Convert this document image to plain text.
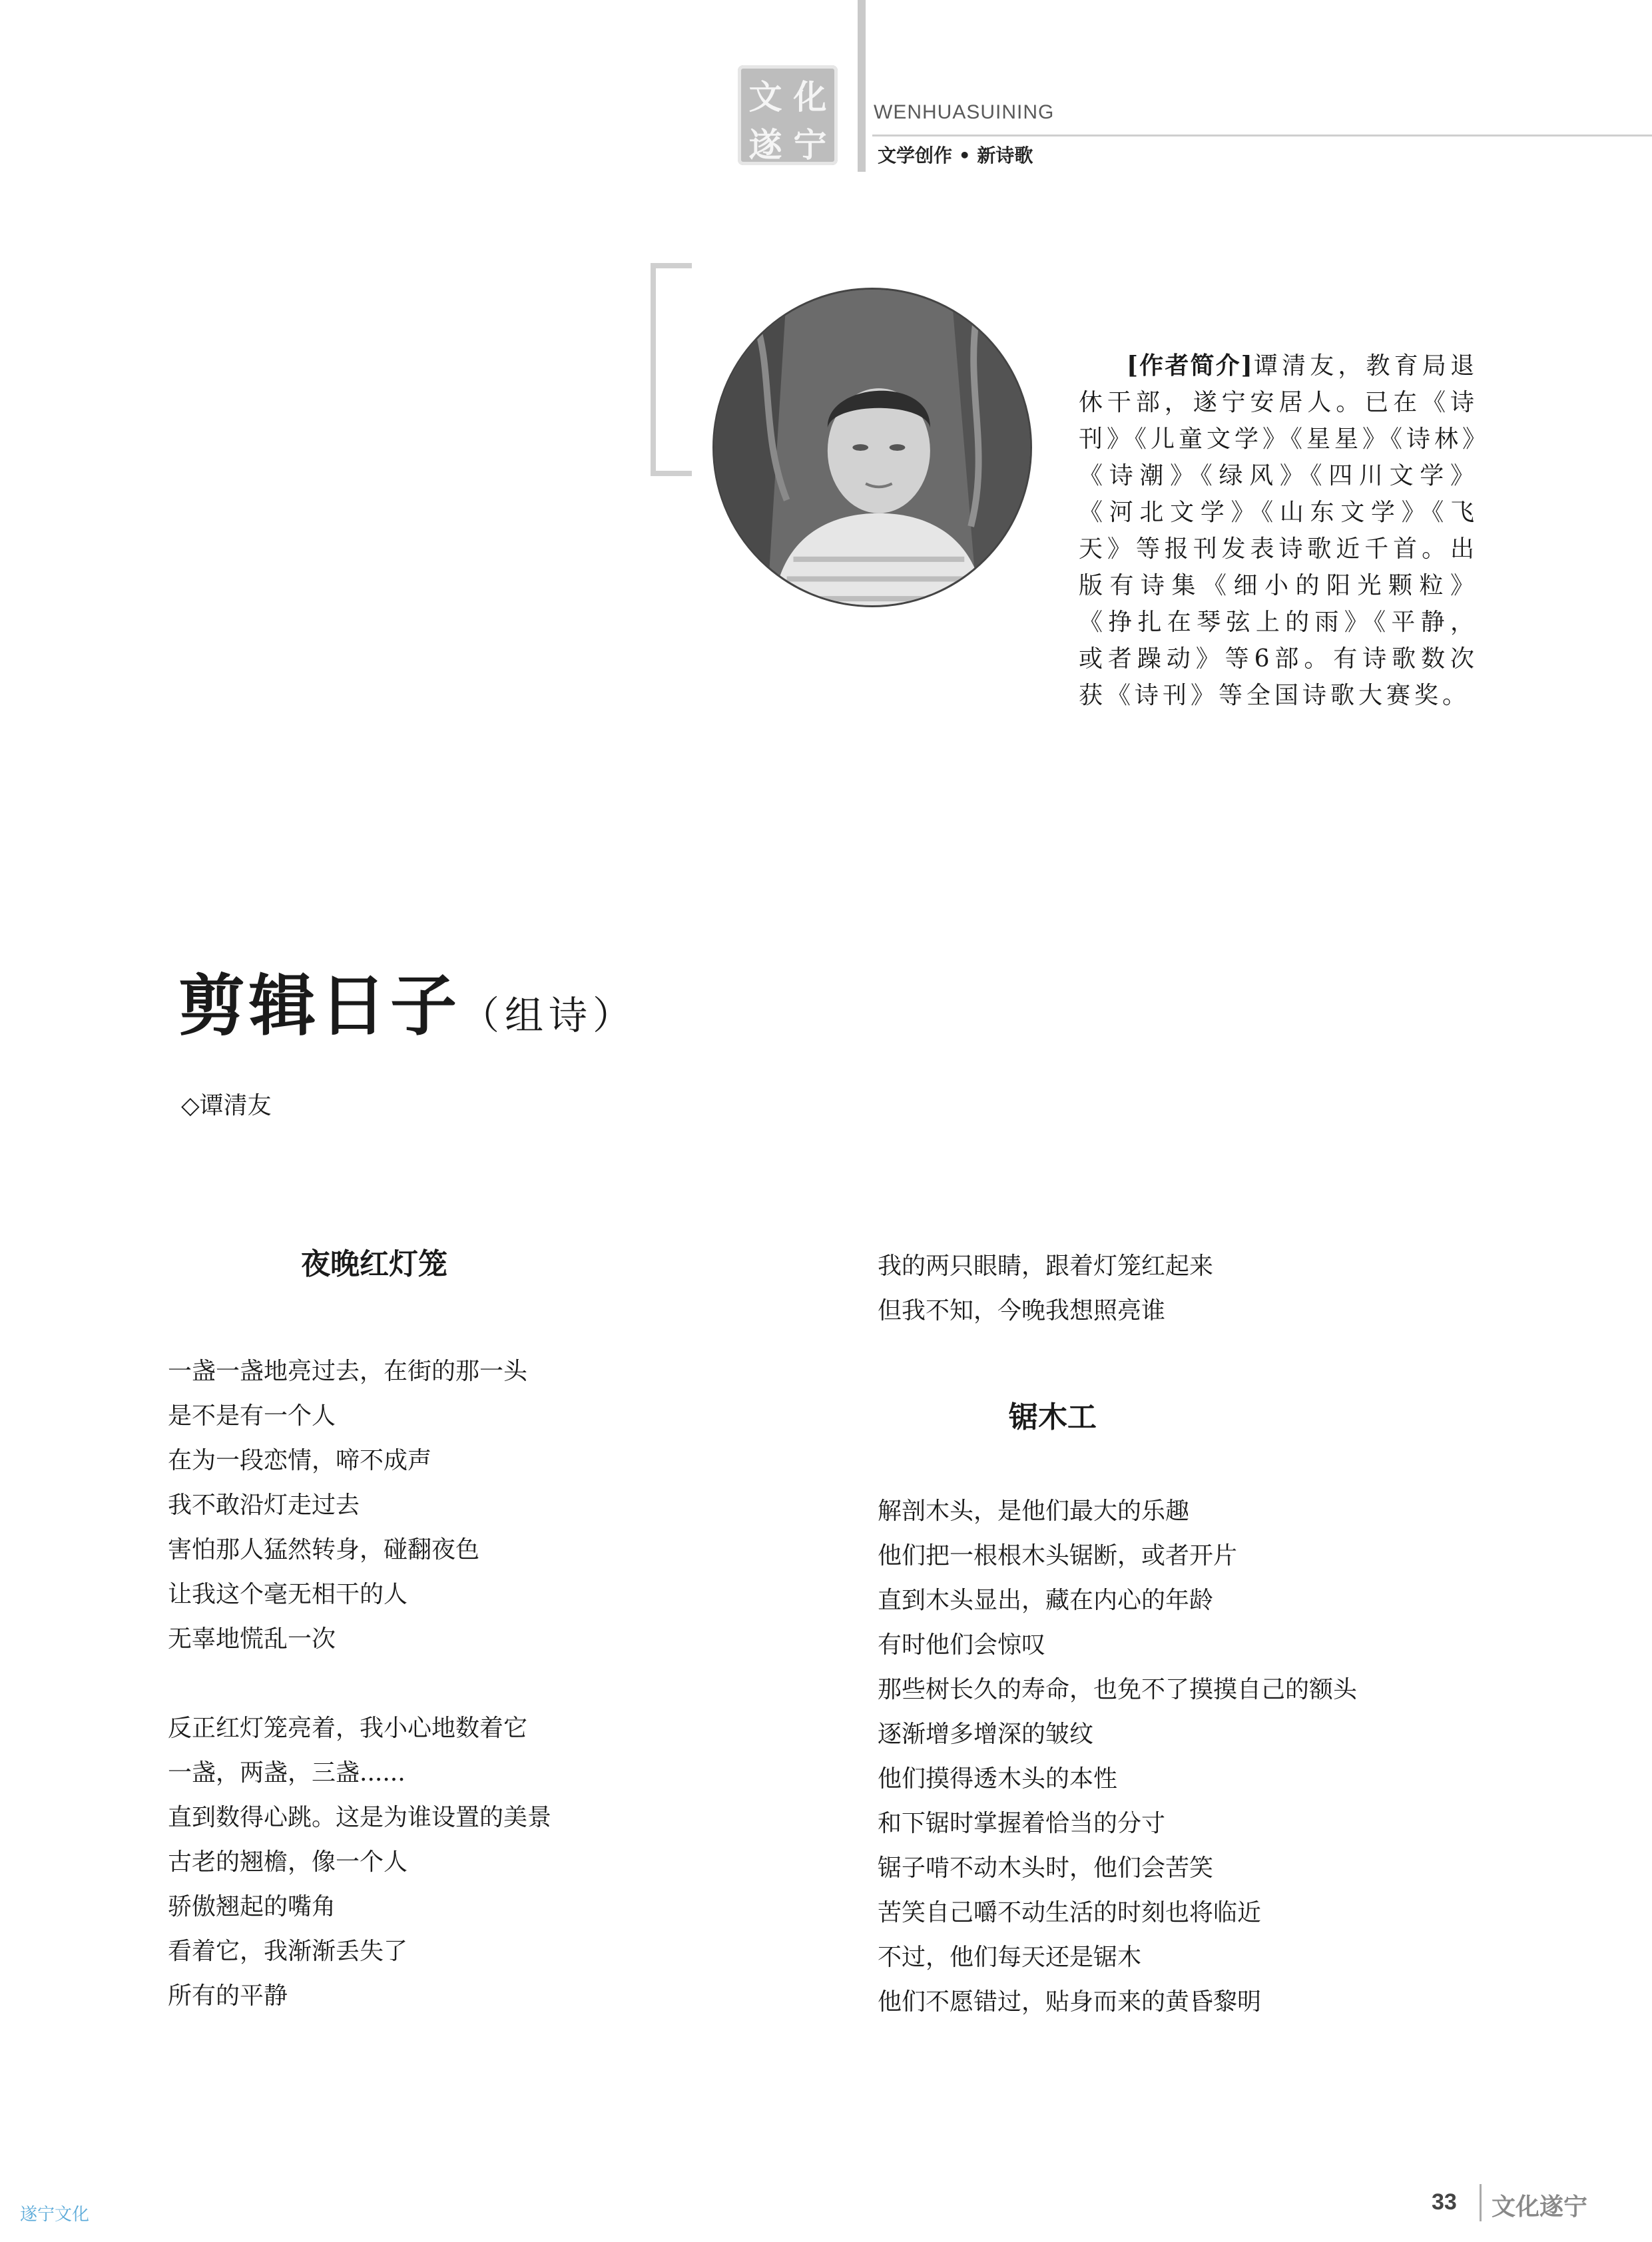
文 化
遂 宁
WENHUASUINING
文学创作 • 新诗歌
[作者简介]谭清友，教育局退休干部，遂宁安居人。已在《诗刊》《儿童文学》《星星》《诗林》《诗潮》《绿风》《四川文学》《河北文学》《山东文学》《飞天》等报刊发表诗歌近千首。出版有诗集《细小的阳光颗粒》《挣扎在琴弦上的雨》《平静，或者躁动》等6部。有诗歌数次获《诗刊》等全国诗歌大赛奖。
剪辑日子（组诗）
◇谭清友
夜晚红灯笼
一盏一盏地亮过去，在街的那一头
是不是有一个人
在为一段恋情，啼不成声
我不敢沿灯走过去
害怕那人猛然转身，碰翻夜色
让我这个毫无相干的人
无辜地慌乱一次
反正红灯笼亮着，我小心地数着它
一盏，两盏，三盏......
直到数得心跳。这是为谁设置的美景
古老的翘檐，像一个人
骄傲翘起的嘴角
看着它，我渐渐丢失了
所有的平静
我的两只眼睛，跟着灯笼红起来
但我不知，今晚我想照亮谁
锯木工
解剖木头，是他们最大的乐趣
他们把一根根木头锯断，或者开片
直到木头显出，藏在内心的年龄
有时他们会惊叹
那些树长久的寿命，也免不了摸摸自己的额头
逐渐增多增深的皱纹
他们摸得透木头的本性
和下锯时掌握着恰当的分寸
锯子啃不动木头时，他们会苦笑
苦笑自己嚼不动生活的时刻也将临近
不过，他们每天还是锯木
他们不愿错过，贴身而来的黄昏黎明
33 文化遂宁
遂宁文化
